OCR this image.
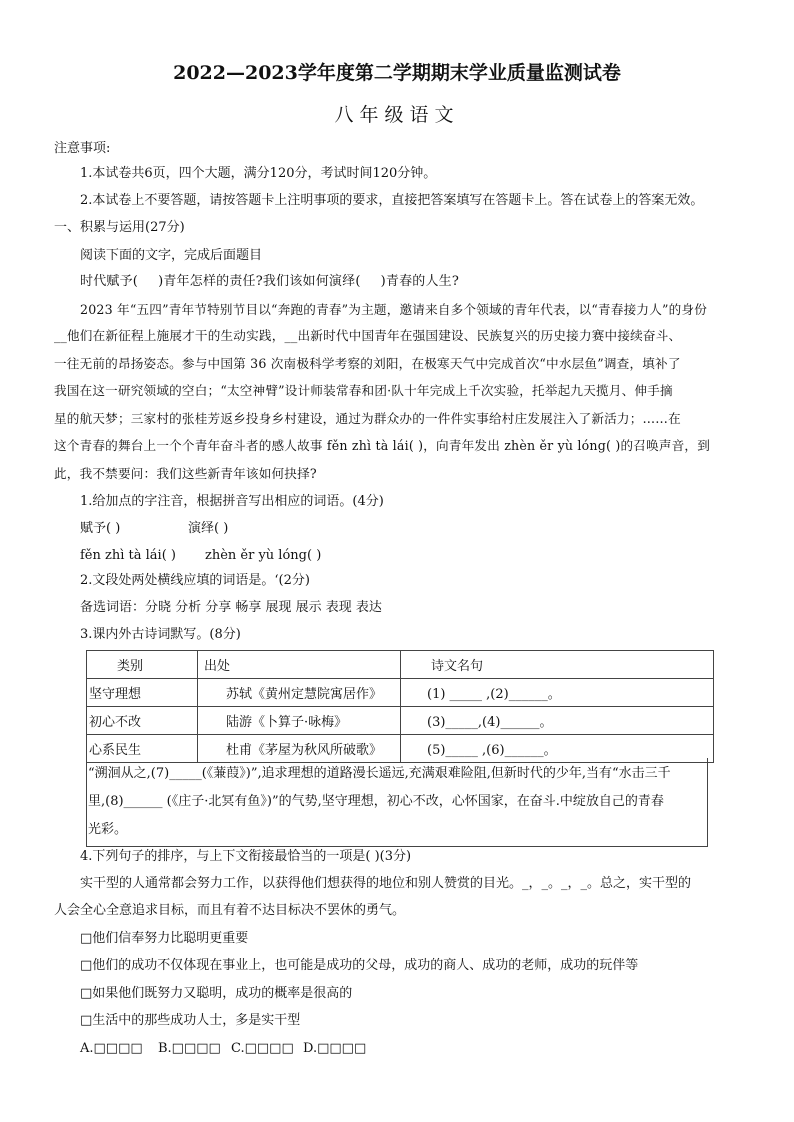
2022—2023学年度第二学期期末学业质量监测试卷
八年级语文
注意事项:
1.本试卷共6页，四个大题，满分120分，考试时间120分钟。
2.本试卷上不要答题，请按答题卡上注明事项的要求，直接把答案填写在答题卡上。答在试卷上的答案无效。
一、积累与运用(27分)
阅读下面的文字，完成后面题目
时代赋予( )青年怎样的责任?我们该如何演绎( )青春的人生?
2023 年“五四”青年节特别节目以“奔跑的青春”为主题，邀请来自多个领域的青年代表，以“青春接力人”的身份
__他们在新征程上施展才干的生动实践，__出新时代中国青年在强国建设、民族复兴的历史接力赛中接续奋斗、
一往无前的昂扬姿态。参与中国第 36 次南极科学考察的刘阳，在极寒天气中完成首次“中水层鱼”调查，填补了
我国在这一研究领域的空白；“太空神臂”设计师装常春和团·队十年完成上千次实验，托举起九天揽月、伸手摘
星的航天梦；三家村的张桂芳返乡投身乡村建设，通过为群众办的一件件实事给村庄发展注入了新活力；……在
这个青春的舞台上一个个青年奋斗者的感人故事 fěn zhì tà lái( )，向青年发出 zhèn ěr yù lóng( )的召唤声音，到
此，我不禁要问：我们这些新青年该如何抉择?
1.给加点的字注音，根据拼音写出相应的词语。(4分)
赋予( )	演绎( )
fěn zhì tà lái( ) zhèn ěr yù lóng( )
2.文段处两处横线应填的词语是。‘(2分)
备选词语：分晓 分析 分享 畅享 展现 展示 表现 表达
3.课内外古诗词默写。(8分)
类别	出处	诗文名句
坚守理想	苏轼《黄州定慧院寓居作》	(1) _____ ,(2)______。
初心不改	陆游《卜算子·咏梅》	(3)_____,(4)______。
心系民生	杜甫《茅屋为秋风所破歌》	(5)_____ ,(6)______。
“溯洄从之,(7)_____(《蒹葭》)”,追求理想的道路漫长遥远,充满艰难险阻,但新时代的少年,当有“水击三千
里,(8)______ (《庄子·北冥有鱼》)”的气势,坚守理想，初心不改，心怀国家，在奋斗.中绽放自己的青春
光彩。
4.下列句子的排序，与上下文衔接最恰当的一项是( )(3分)
实干型的人通常都会努力工作，以获得他们想获得的地位和别人赞赏的目光。_，_。_，_。总之，实干型的
人会全心全意追求目标，而且有着不达目标决不罢休的勇气。
□他们信奉努力比聪明更重要
□他们的成功不仅体现在事业上，也可能是成功的父母，成功的商人、成功的老师，成功的玩伴等
□如果他们既努力又聪明，成功的概率是很高的
□生活中的那些成功人士，多是实干型
A.□□□□ B.□□□□ C.□□□□ D.□□□□
